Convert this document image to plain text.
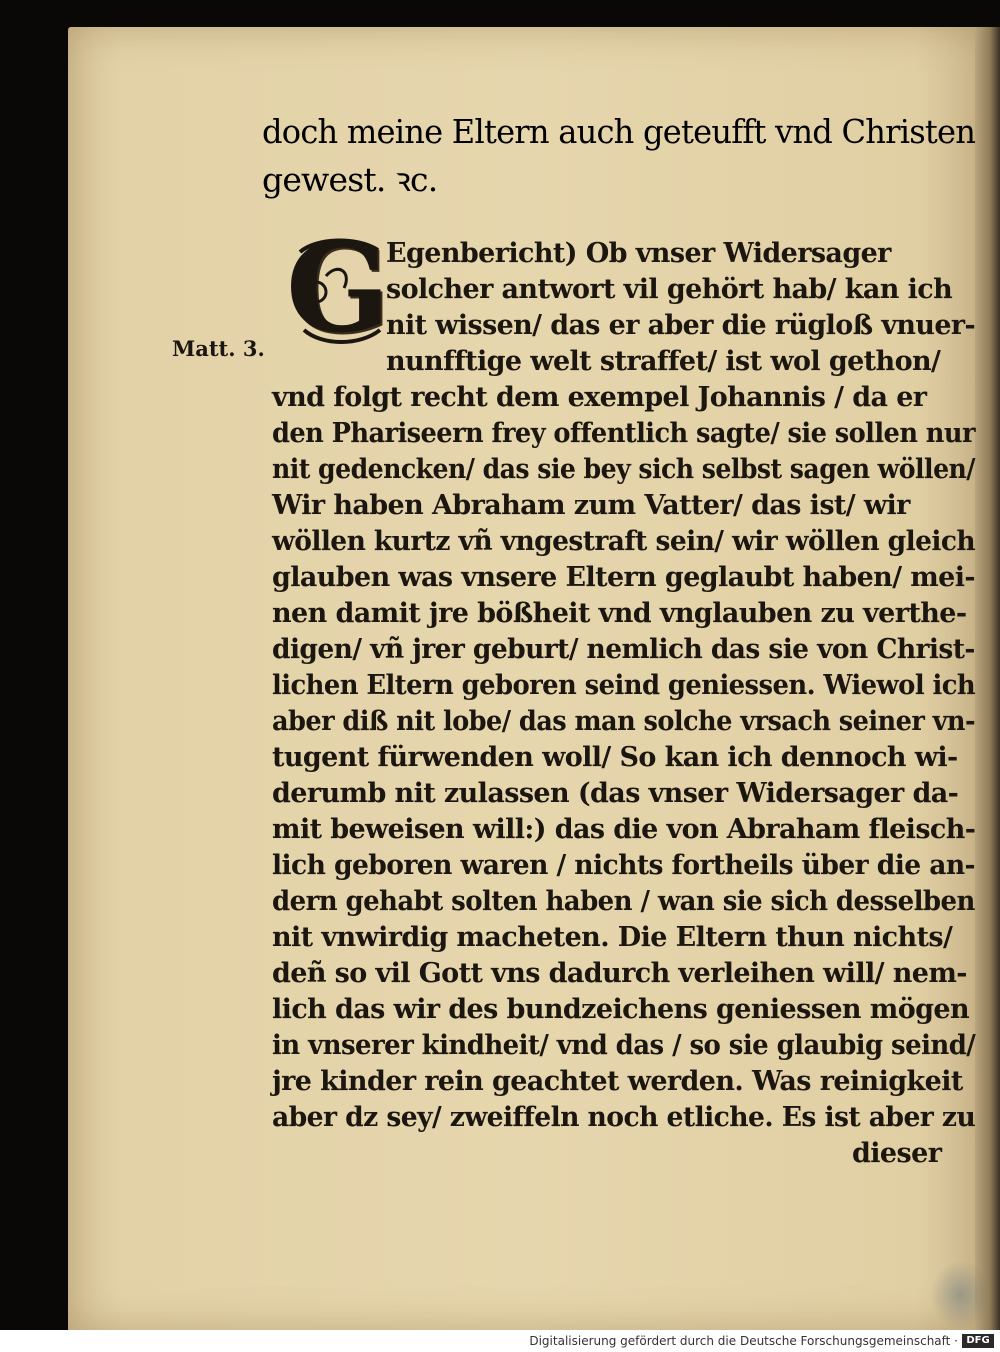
G
Matt. 3.
doch meine Eltern auch geteufft vnd Christen
gewest. ꝛc.
Egenbericht) Ob vnser Widersager
solcher antwort vil gehört hab/ kan ich
nit wissen/ das er aber die rügloß vnuer-
nunfftige welt straffet/ ist wol gethon/
vnd folgt recht dem exempel Johannis / da er
den Phariseern frey offentlich sagte/ sie sollen nur
nit gedencken/ das sie bey sich selbst sagen wöllen/
Wir haben Abraham zum Vatter/ das ist/ wir
wöllen kurtz vñ vngestraft sein/ wir wöllen gleich
glauben was vnsere Eltern geglaubt haben/ mei-
nen damit jre bößheit vnd vnglauben zu verthe-
digen/ vñ jrer geburt/ nemlich das sie von Christ-
lichen Eltern geboren seind geniessen. Wiewol ich
aber diß nit lobe/ das man solche vrsach seiner vn-
tugent fürwenden woll/ So kan ich dennoch wi-
derumb nit zulassen (das vnser Widersager da-
mit beweisen will:) das die von Abraham fleisch-
lich geboren waren / nichts fortheils über die an-
dern gehabt solten haben / wan sie sich desselben
nit vnwirdig macheten. Die Eltern thun nichts/
deñ so vil Gott vns dadurch verleihen will/ nem-
lich das wir des bundzeichens geniessen mögen
in vnserer kindheit/ vnd das / so sie glaubig seind/
jre kinder rein geachtet werden. Was reinigkeit
aber dz sey/ zweiffeln noch etliche. Es ist aber zu
dieser
Digitalisierung gefördert durch die Deutsche Forschungsgemeinschaft · DFG
